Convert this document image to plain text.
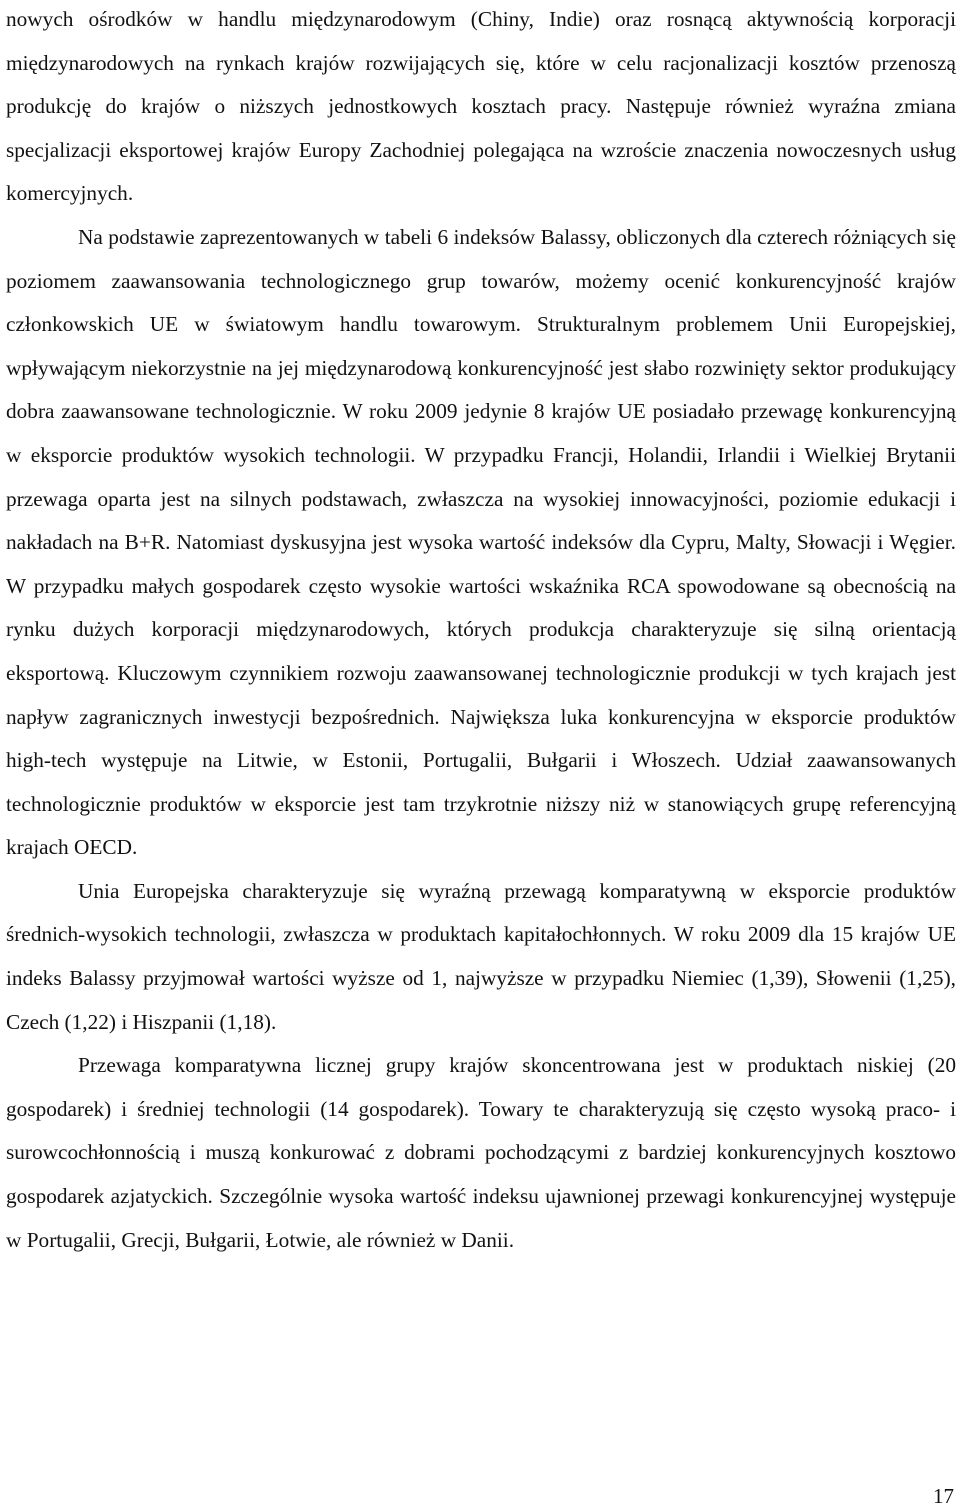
nowych ośrodków w handlu międzynarodowym (Chiny, Indie) oraz rosnącą aktywnością korporacji międzynarodowych na rynkach krajów rozwijających się, które w celu racjonalizacji kosztów przenoszą produkcję do krajów o niższych jednostkowych kosztach pracy. Następuje również wyraźna zmiana specjalizacji eksportowej krajów Europy Zachodniej polegająca na wzroście znaczenia nowoczesnych usług komercyjnych.

Na podstawie zaprezentowanych w tabeli 6 indeksów Balassy, obliczonych dla czterech różniących się poziomem zaawansowania technologicznego grup towarów, możemy ocenić konkurencyjność krajów członkowskich UE w światowym handlu towarowym. Strukturalnym problemem Unii Europejskiej, wpływającym niekorzystnie na jej międzynarodową konkurencyjność jest słabo rozwinięty sektor produkujący dobra zaawansowane technologicznie. W roku 2009 jedynie 8 krajów UE posiadało przewagę konkurencyjną w eksporcie produktów wysokich technologii. W przypadku Francji, Holandii, Irlandii i Wielkiej Brytanii przewaga oparta jest na silnych podstawach, zwłaszcza na wysokiej innowacyjności, poziomie edukacji i nakładach na B+R. Natomiast dyskusyjna jest wysoka wartość indeksów dla Cypru, Malty, Słowacji i Węgier. W przypadku małych gospodarek często wysokie wartości wskaźnika RCA spowodowane są obecnością na rynku dużych korporacji międzynarodowych, których produkcja charakteryzuje się silną orientacją eksportową. Kluczowym czynnikiem rozwoju zaawansowanej technologicznie produkcji w tych krajach jest napływ zagranicznych inwestycji bezpośrednich. Największa luka konkurencyjna w eksporcie produktów high-tech występuje na Litwie, w Estonii, Portugalii, Bułgarii i Włoszech. Udział zaawansowanych technologicznie produktów w eksporcie jest tam trzykrotnie niższy niż w stanowiących grupę referencyjną krajach OECD.

Unia Europejska charakteryzuje się wyraźną przewagą komparatywną w eksporcie produktów średnich-wysokich technologii, zwłaszcza w produktach kapitałochłonnych. W roku 2009 dla 15 krajów UE indeks Balassy przyjmował wartości wyższe od 1, najwyższe w przypadku Niemiec (1,39), Słowenii (1,25), Czech (1,22) i Hiszpanii (1,18).

Przewaga komparatywna licznej grupy krajów skoncentrowana jest w produktach niskiej (20 gospodarek) i średniej technologii (14 gospodarek). Towary te charakteryzują się często wysoką praco- i surowcochłonnością i muszą konkurować z dobrami pochodzącymi z bardziej konkurencyjnych kosztowo gospodarek azjatyckich. Szczególnie wysoka wartość indeksu ujawnionej przewagi konkurencyjnej występuje w Portugalii, Grecji, Bułgarii, Łotwie, ale również w Danii.

17
